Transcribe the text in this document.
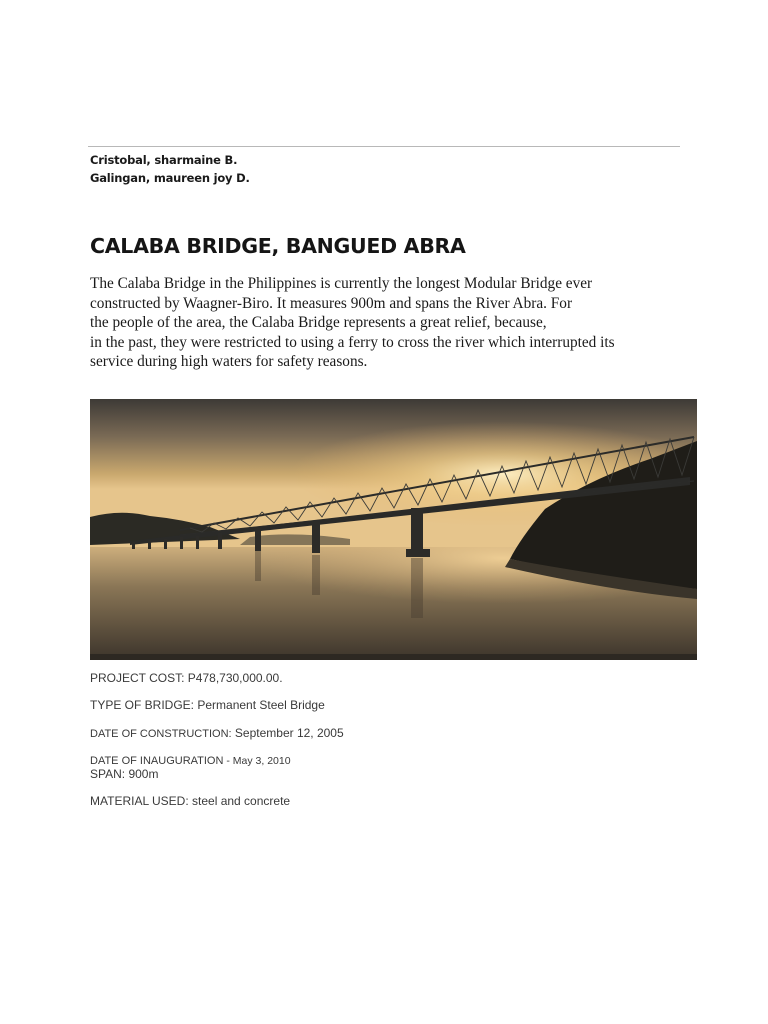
Cristobal, sharmaine B.
Galingan, maureen joy D.
CALABA BRIDGE, BANGUED ABRA
The Calaba Bridge in the Philippines is currently the longest Modular Bridge ever
constructed by Waagner-Biro. It measures 900m and spans the River Abra. For
the people of the area, the Calaba Bridge represents a great relief, because,
in the past, they were restricted to using a ferry to cross the river which interrupted its
service during high waters for safety reasons.
PROJECT COST: P478,730,000.00.
TYPE OF BRIDGE: Permanent Steel Bridge
DATE OF CONSTRUCTION: September 12, 2005
DATE OF INAUGURATION - May 3, 2010
SPAN: 900m
MATERIAL USED: steel and concrete
